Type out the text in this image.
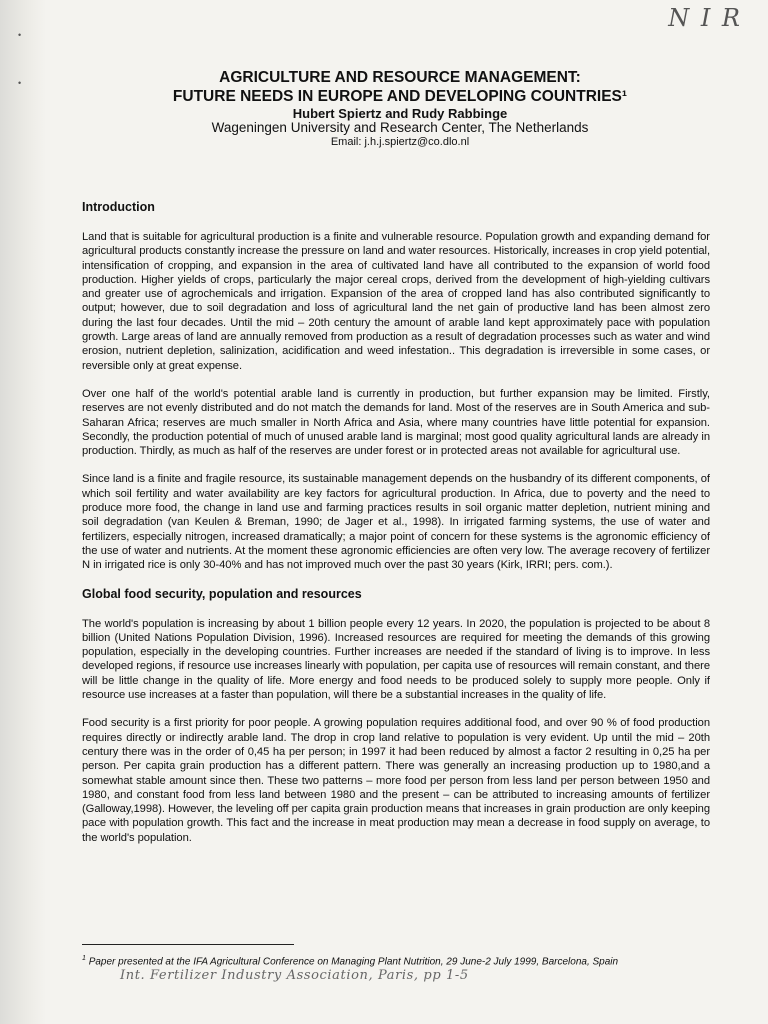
•
•
N I R

AGRICULTURE AND RESOURCE MANAGEMENT:

FUTURE NEEDS IN EUROPE AND DEVELOPING COUNTRIES¹

Hubert Spiertz and Rudy Rabbinge

Wageningen University and Research Center, The Netherlands

Email: j.h.j.spiertz@co.dlo.nl

Introduction

Land that is suitable for agricultural production is a finite and vulnerable resource. Population growth and expanding demand for agricultural products constantly increase the pressure on land and water resources. Historically, increases in crop yield potential, intensification of cropping, and expansion in the area of cultivated land have all contributed to the expansion of world food production. Higher yields of crops, particularly the major cereal crops, derived from the development of high-yielding cultivars and greater use of agrochemicals and irrigation. Expansion of the area of cropped land has also contributed significantly to output; however, due to soil degradation and loss of agricultural land the net gain of productive land has been almost zero during the last four decades. Until the mid – 20th century the amount of arable land kept approximately pace with population growth. Large areas of land are annually removed from production as a result of degradation processes such as water and wind erosion, nutrient depletion, salinization, acidification and weed infestation.. This degradation is irreversible in some cases, or reversible only at great expense.

Over one half of the world's potential arable land is currently in production, but further expansion may be limited. Firstly, reserves are not evenly distributed and do not match the demands for land. Most of the reserves are in South America and sub-Saharan Africa; reserves are much smaller in North Africa and Asia, where many countries have little potential for expansion. Secondly, the production potential of much of unused arable land is marginal; most good quality agricultural lands are already in production. Thirdly, as much as half of the reserves are under forest or in protected areas not available for agricultural use.

Since land is a finite and fragile resource, its sustainable management depends on the husbandry of its different components, of which soil fertility and water availability are key factors for agricultural production. In Africa, due to poverty and the need to produce more food, the change in land use and farming practices results in soil organic matter depletion, nutrient mining and soil degradation (van Keulen & Breman, 1990; de Jager et al., 1998). In irrigated farming systems, the use of water and fertilizers, especially nitrogen, increased dramatically; a major point of concern for these systems is the agronomic efficiency of the use of water and nutrients. At the moment these agronomic efficiencies are often very low. The average recovery of fertilizer N in irrigated rice is only 30-40% and has not improved much over the past 30 years (Kirk, IRRI; pers. com.).

Global food security, population and resources

The world's population is increasing by about 1 billion people every 12 years. In 2020, the population is projected to be about 8 billion (United Nations Population Division, 1996). Increased resources are required for meeting the demands of this growing population, especially in the developing countries. Further increases are needed if the standard of living is to improve. In less developed regions, if resource use increases linearly with population, per capita use of resources will remain constant, and there will be little change in the quality of life. More energy and food needs to be produced solely to supply more people. Only if resource use increases at a faster than population, will there be a substantial increases in the quality of life.

Food security is a first priority for poor people. A growing population requires additional food, and over 90 % of food production requires directly or indirectly arable land. The drop in crop land relative to population is very evident. Up until the mid – 20th century there was in the order of 0,45 ha per person; in 1997 it had been reduced by almost a factor 2 resulting in 0,25 ha per person. Per capita grain production has a different pattern. There was generally an increasing production up to 1980,and a somewhat stable amount since then. These two patterns – more food per person from less land per person between 1950 and 1980, and constant food from less land between 1980 and the present – can be attributed to increasing amounts of fertilizer (Galloway,1998). However, the leveling off per capita grain production means that increases in grain production are only keeping pace with population growth. This fact and the increase in meat production may mean a decrease in food supply on average, to the world's population.

$^1$ Paper presented at the IFA Agricultural Conference on Managing Plant Nutrition, 29 June-2 July 1999, Barcelona, Spain
Int. Fertilizer Industry Association, Paris, pp 1-5
